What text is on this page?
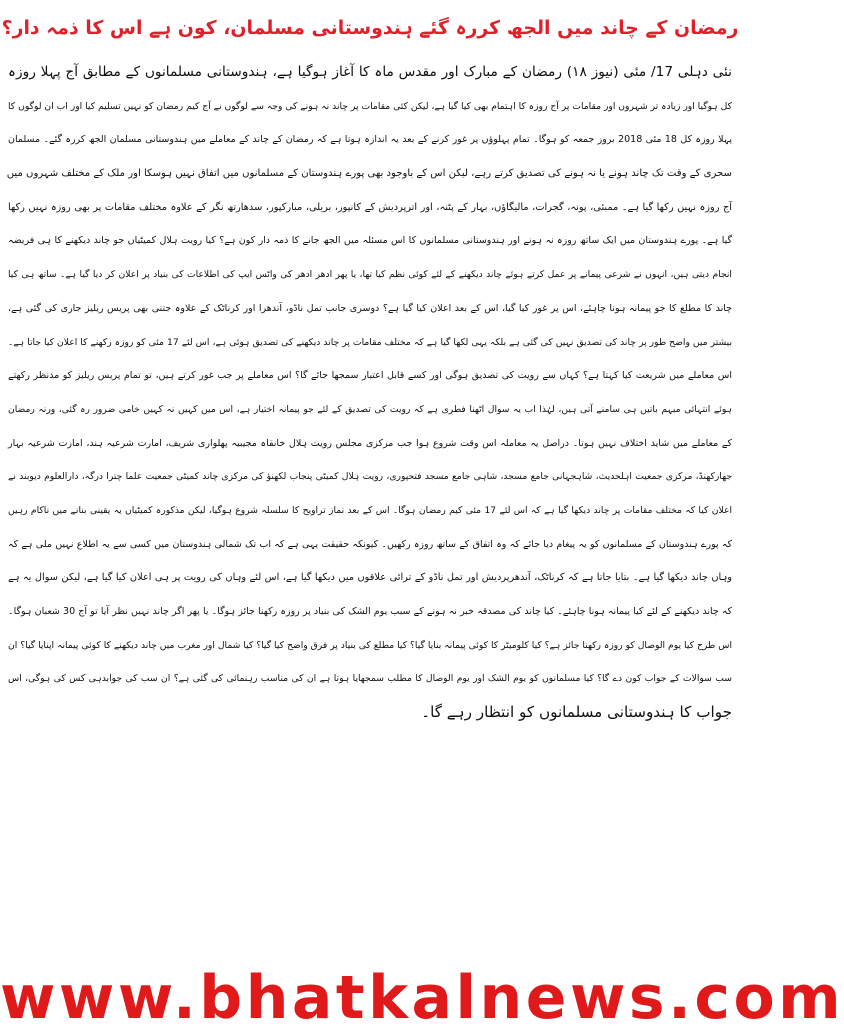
رمضان کے چاند میں الجھ کررہ گئے ہندوستانی مسلمان، کون ہے اس کا ذمہ دار؟
نئی دہلی 17/ مئی (نیوز ۱۸) رمضان کے مبارک اور مقدس ماہ کا آغاز ہوگیا ہے، ہندوستانی مسلمانوں کے مطابق آج پہلا روزہ
کل ہوگیا اور زیادہ تر شہروں اور مقامات پر آج روزہ کا اہتمام بھی کیا گیا ہے، لیکن کئی مقامات پر چاند نہ ہونے کی وجہ سے لوگوں نے آج کیم رمضان کو نہیں تسلیم کیا اور اب ان لوگوں کا
پہلا روزہ کل 18 مئی 2018 بروز جمعہ کو ہوگا۔ تمام پہلوؤں پر غور کرنے کے بعد یہ اندازہ ہوتا ہے کہ رمضان کے چاند کے معاملے میں ہندوستانی مسلمان الجھ کررہ گئے۔ مسلمان
سحری کے وقت تک چاند ہونے یا نہ ہونے کی تصدیق کرتے رہے، لیکن اس کے باوجود بھی پورے ہندوستان کے مسلمانوں میں اتفاق نہیں ہوسکا اور ملک کے مختلف شہروں میں
آج روزہ نہیں رکھا گیا ہے۔ ممبئی، پونہ، گجرات، مالیگاؤں، بہار کے پٹنہ، اور اترپردیش کے کانپور، بریلی، مبارکپور، سدھارتھ نگر کے علاوہ مختلف مقامات پر بھی روزہ نہیں رکھا
گیا ہے۔ پورے ہندوستان میں ایک ساتھ روزہ نہ ہونے اور ہندوستانی مسلمانوں کا اس مسئلہ میں الجھ جانے کا ذمہ دار کون ہے؟ کیا رویت ہلال کمیٹیاں جو چاند دیکھنے کا ہی فریضہ
انجام دیتی ہیں، انہوں نے شرعی پیمانے پر عمل کرتے ہوئے چاند دیکھنے کے لئے کوئی نظم کیا تھا، یا پھر ادھر ادھر کی واٹس ایپ کی اطلاعات کی بنیاد پر اعلان کر دیا گیا ہے۔ ساتھ ہی کیا
چاند کا مطلع کا جو پیمانہ ہونا چاہئے، اس پر غور کیا گیا، اس کے بعد اعلان کیا گیا ہے؟ دوسری جانب تمل ناڈو، آندھرا اور کرناٹک کے علاوہ جتنی بھی پریس ریلیز جاری کی گئی ہے،
بیشتر میں واضح طور پر چاند کی تصدیق نہیں کی گئی ہے بلکہ یہی لکھا گیا ہے کہ مختلف مقامات پر چاند دیکھنے کی تصدیق ہوئی ہے، اس لئے 17 مئی کو روزہ رکھنے کا اعلان کیا جاتا ہے۔
اس معاملے میں شریعت کیا کہتا ہے؟ کہاں سے رویت کی تصدیق ہوگی اور کسے قابل اعتبار سمجھا جائے گا؟ اس معاملے پر جب غور کرتے ہیں، تو تمام پریس ریلیز کو مدنظر رکھتے
ہوئے انتہائی مبہم باتیں ہی سامنے آتی ہیں، لہٰذا اب یہ سوال اٹھنا فطری ہے کہ رویت کی تصدیق کے لئے جو پیمانہ اختیار ہے، اس میں کہیں نہ کہیں خامی ضرور رہ گئی، ورنہ رمضان
کے معاملے میں شاید اختلاف نہیں ہوتا۔ دراصل یہ معاملہ اس وقت شروع ہوا جب مرکزی مجلس رویت ہلال خانقاہ مجیبیہ پھلواری شریف، امارت شرعیہ ہند، امارت شرعیہ بہار
جھارکھنڈ، مرکزی جمعیت اہلحدیث، شاہجہانی جامع مسجد، شاہی جامع مسجد فتحپوری، رویت ہلال کمیٹی پنجاب لکھنؤ کی مرکزی چاند کمیٹی جمعیت علما چترا درگہ، دارالعلوم دیوبند نے
اعلان کیا کہ مختلف مقامات پر چاند دیکھا گیا ہے کہ اس لئے 17 مئی کیم رمضان ہوگا۔ اس کے بعد نماز تراویح کا سلسلہ شروع ہوگیا، لیکن مذکورہ کمیٹیاں یہ یقینی بنانے میں ناکام رہیں
کہ پورے ہندوستان کے مسلمانوں کو یہ پیغام دیا جائے کہ وہ اتفاق کے ساتھ روزہ رکھیں۔ کیونکہ حقیقت یہی ہے کہ اب تک شمالی ہندوستان میں کسی سے یہ اطلاع نہیں ملی ہے کہ
وہاں چاند دیکھا گیا ہے۔ بتایا جاتا ہے کہ کرناٹک، آندھرپردیش اور تمل ناڈو کے ترائی علاقوں میں دیکھا گیا ہے، اس لئے وہاں کی رویت پر ہی اعلان کیا گیا ہے، لیکن سوال یہ ہے
کہ چاند دیکھنے کے لئے کیا پیمانہ ہونا چاہئے۔ کیا چاند کی مصدقہ خبر نہ ہونے کے سبب یوم الشک کی بنیاد پر روزہ رکھنا جائز ہوگا۔ یا پھر اگر چاند نہیں نظر آیا تو آج 30 شعبان ہوگا۔
اس طرح کیا یوم الوصال کو روزہ رکھنا جائز ہے؟ کیا کلومیٹر کا کوئی پیمانہ بنایا گیا؟ کیا مطلع کی بنیاد پر فرق واضح کیا گیا؟ کیا شمال اور مغرب میں چاند دیکھنے کا کوئی پیمانہ اپنایا گیا؟ ان
سب سوالات کے جواب کون دے گا؟ کیا مسلمانوں کو یوم الشک اور یوم الوصال کا مطلب سمجھایا ہوتا ہے ان کی مناسب رہنمائی کی گئی ہے؟ ان سب کی جوابدہی کس کی ہوگی، اس
جواب کا ہندوستانی مسلمانوں کو انتظار رہے گا۔
www.bhatkalnews.com
